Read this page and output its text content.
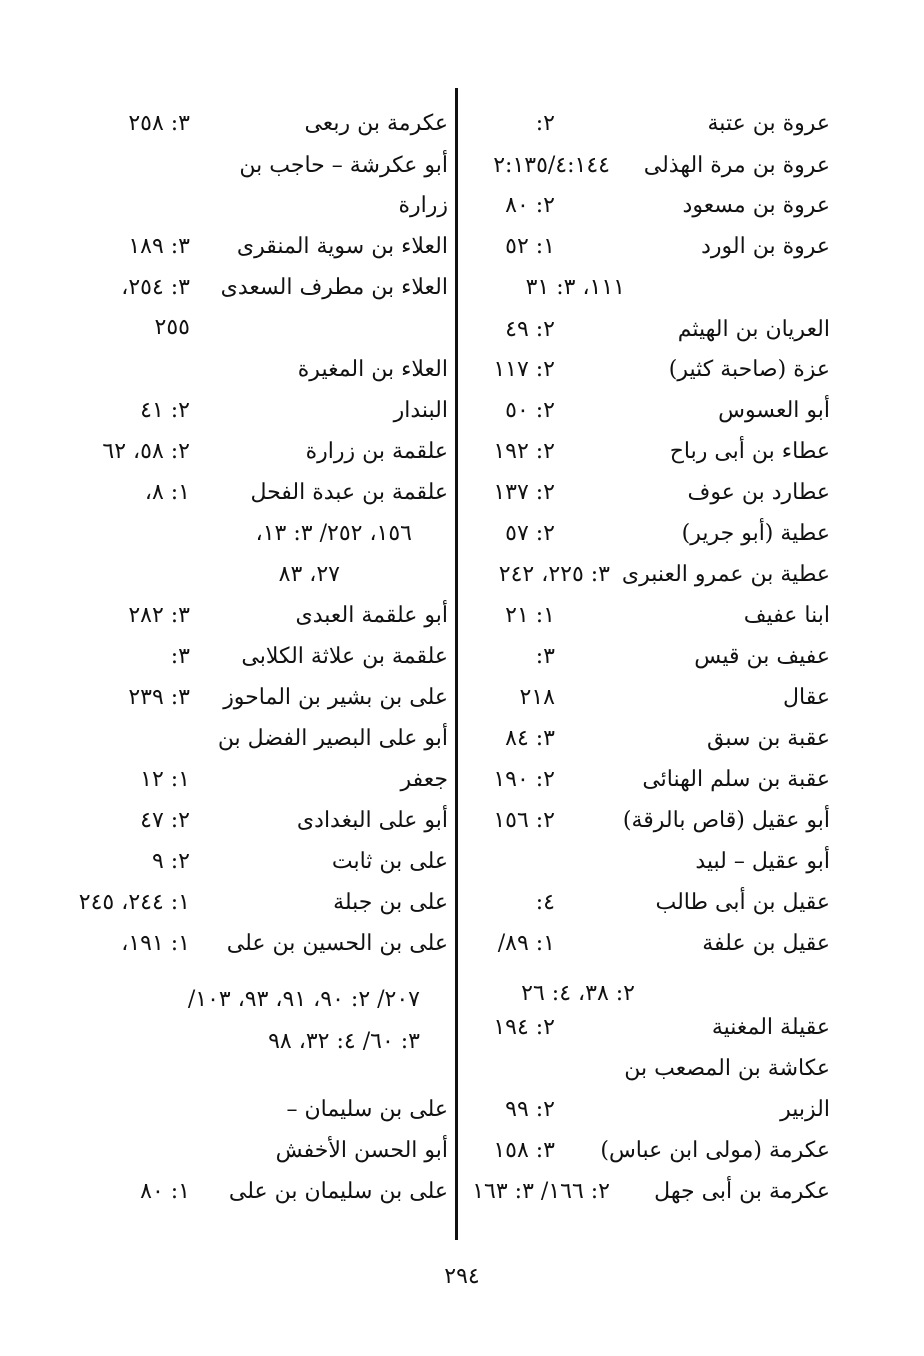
عروة بن عتبة
٢:
عروة بن مرة الهذلى
٢:١٣٥/٤:١٤٤
عروة بن مسعود
٢: ٨٠
عروة بن الورد
١: ٥٢
١١١، ٣: ٣١
العريان بن الهيثم
٢: ٤٩
عزة (صاحبة كثير)
٢: ١١٧
أبو العسوس
٢: ٥٠
عطاء بن أبى رباح
٢: ١٩٢
عطارد بن عوف
٢: ١٣٧
عطية (أبو جرير)
٢: ٥٧
عطية بن عمرو العنبرى
٣: ٢٢٥، ٢٤٢
ابنا عفيف
١: ٢١
عفيف بن قيس
٣:
عقال
٢١٨
عقبة بن سبق
٣: ٨٤
عقبة بن سلم الهنائى
٢: ١٩٠
أبو عقيل (قاص بالرقة)
٢: ١٥٦
أبو عقيل – لبيد
عقيل بن أبى طالب
٤:
عقيل بن علفة
١: ٨٩/
٢: ٣٨، ٤: ٢٦
عقيلة المغنية
٢: ١٩٤
عكاشة بن المصعب بن
الزبير
٢: ٩٩
عكرمة (مولى ابن عباس)
٣: ١٥٨
عكرمة بن أبى جهل
٢: ١٦٦/ ٣: ١٦٣
عكرمة بن ربعى
٣: ٢٥٨
أبو عكرشة – حاجب بن
زرارة
العلاء بن سوية المنقرى
٣: ١٨٩
العلاء بن مطرف السعدى
٣: ٢٥٤،
٢٥٥
العلاء بن المغيرة
البندار
٢: ٤١
علقمة بن زرارة
٢: ٥٨، ٦٢
علقمة بن عبدة الفحل
١: ٨،
١٥٦، ٢٥٢/ ٣: ١٣،
٢٧، ٨٣
أبو علقمة العبدى
٣: ٢٨٢
علقمة بن علاثة الكلابى
٣:
على بن بشير بن الماحوز
٣: ٢٣٩
أبو على البصير الفضل بن
جعفر
١: ١٢
أبو على البغدادى
٢: ٤٧
على بن ثابت
٢: ٩
على بن جبلة
١: ٢٤٤، ٢٤٥
على بن الحسين بن على
١: ١٩١،
٢٠٧/ ٢: ٩٠، ٩١، ٩٣، ١٠٣/
٣: ٦٠/ ٤: ٣٢، ٩٨
على بن سليمان –
أبو الحسن الأخفش
على بن سليمان بن على
١: ٨٠
٢٩٤
